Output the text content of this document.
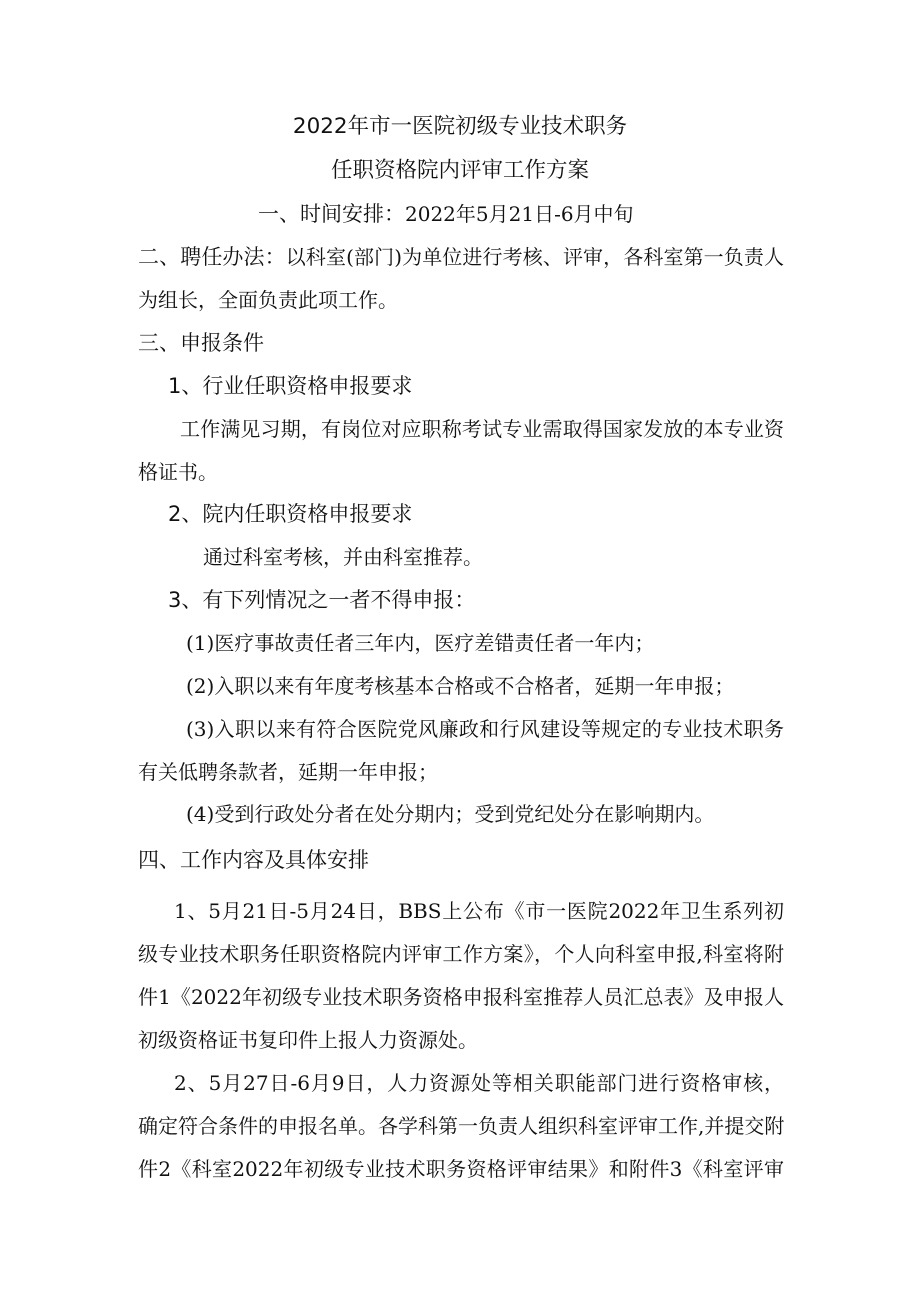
2022年市一医院初级专业技术职务
任职资格院内评审工作方案
一、时间安排：2022年5月21日-6月中旬
二、聘任办法：以科室(部门)为单位进行考核、评审，各科室第一负责人
为组长，全面负责此项工作。
三、申报条件
1、行业任职资格申报要求
工作满见习期，有岗位对应职称考试专业需取得国家发放的本专业资
格证书。
2、院内任职资格申报要求
通过科室考核，并由科室推荐。
3、有下列情况之一者不得申报：
(1)医疗事故责任者三年内，医疗差错责任者一年内；
(2)入职以来有年度考核基本合格或不合格者，延期一年申报；
(3)入职以来有符合医院党风廉政和行风建设等规定的专业技术职务
有关低聘条款者，延期一年申报；
(4)受到行政处分者在处分期内；受到党纪处分在影响期内。
四、工作内容及具体安排
1、5月21日-5月24日，BBS上公布《市一医院2022年卫生系列初
级专业技术职务任职资格院内评审工作方案》，个人向科室申报,科室将附
件1《2022年初级专业技术职务资格申报科室推荐人员汇总表》及申报人
初级资格证书复印件上报人力资源处。
2、5月27日-6月9日，人力资源处等相关职能部门进行资格审核，
确定符合条件的申报名单。各学科第一负责人组织科室评审工作,并提交附
件2《科室2022年初级专业技术职务资格评审结果》和附件3《科室评审
